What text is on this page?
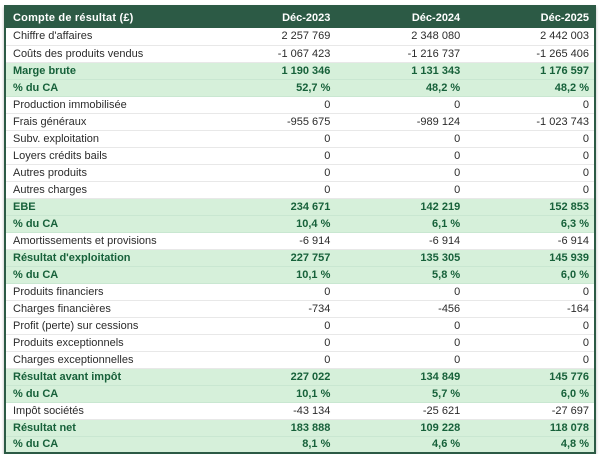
Compte de résultat (£)	Déc-2023	Déc-2024	Déc-2025
Chiffre d'affaires	2 257 769	2 348 080	2 442 003
Coûts des produits vendus	-1 067 423	-1 216 737	-1 265 406
Marge brute	1 190 346	1 131 343	1 176 597
% du CA	52,7 %	48,2 %	48,2 %
Production immobilisée	0	0	0
Frais généraux	-955 675	-989 124	-1 023 743
Subv. exploitation	0	0	0
Loyers crédits bails	0	0	0
Autres produits	0	0	0
Autres charges	0	0	0
EBE	234 671	142 219	152 853
% du CA	10,4 %	6,1 %	6,3 %
Amortissements et provisions	-6 914	-6 914	-6 914
Résultat d'exploitation	227 757	135 305	145 939
% du CA	10,1 %	5,8 %	6,0 %
Produits financiers	0	0	0
Charges financières	-734	-456	-164
Profit (perte) sur cessions	0	0	0
Produits exceptionnels	0	0	0
Charges exceptionnelles	0	0	0
Résultat avant impôt	227 022	134 849	145 776
% du CA	10,1 %	5,7 %	6,0 %
Impôt sociétés	-43 134	-25 621	-27 697
Résultat net	183 888	109 228	118 078
% du CA	8,1 %	4,6 %	4,8 %
